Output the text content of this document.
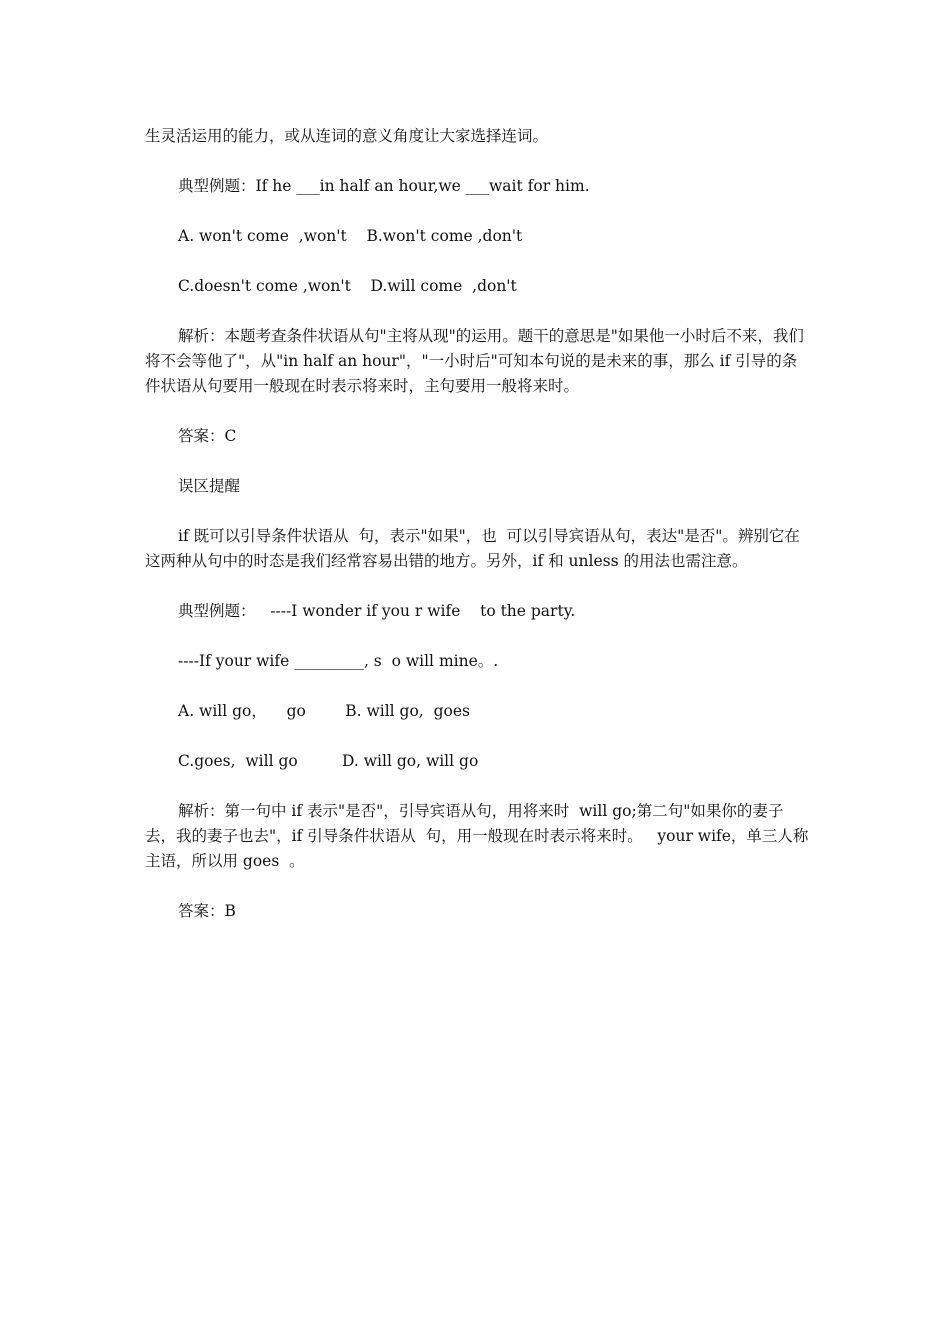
生灵活运用的能力，或从连词的意义角度让大家选择连词。

典型例题：If he ___in half an hour,we ___wait for him.

A. won't come  ,won't    B.won't come ,don't

C.doesn't come ,won't    D.will come  ,don't

解析：本题考查条件状语从句"主将从现"的运用。题干的意思是"如果他一小时后不来，我们将不会等他了"，从"in half an hour"，"一小时后"可知本句说的是未来的事，那么 if 引导的条件状语从句要用一般现在时表示将来时，主句要用一般将来时。

答案：C

误区提醒

if 既可以引导条件状语从  句，表示"如果"，也  可以引导宾语从句，表达"是否"。辨别它在这两种从句中的时态是我们经常容易出错的地方。另外，if 和 unless 的用法也需注意。

典型例题：   ----I wonder if you r wife    to the party.

----If your wife _________, s  o will mine。.

A. will go，    go        B. will go,  goes

C.goes,  will go         D. will go, will go

解析：第一句中 if 表示"是否"，引导宾语从句，用将来时  will go;第二句"如果你的妻子去，我的妻子也去"，if 引导条件状语从  句，用一般现在时表示将来时。   your wife，单三人称主语，所以用 goes  。

答案：B
